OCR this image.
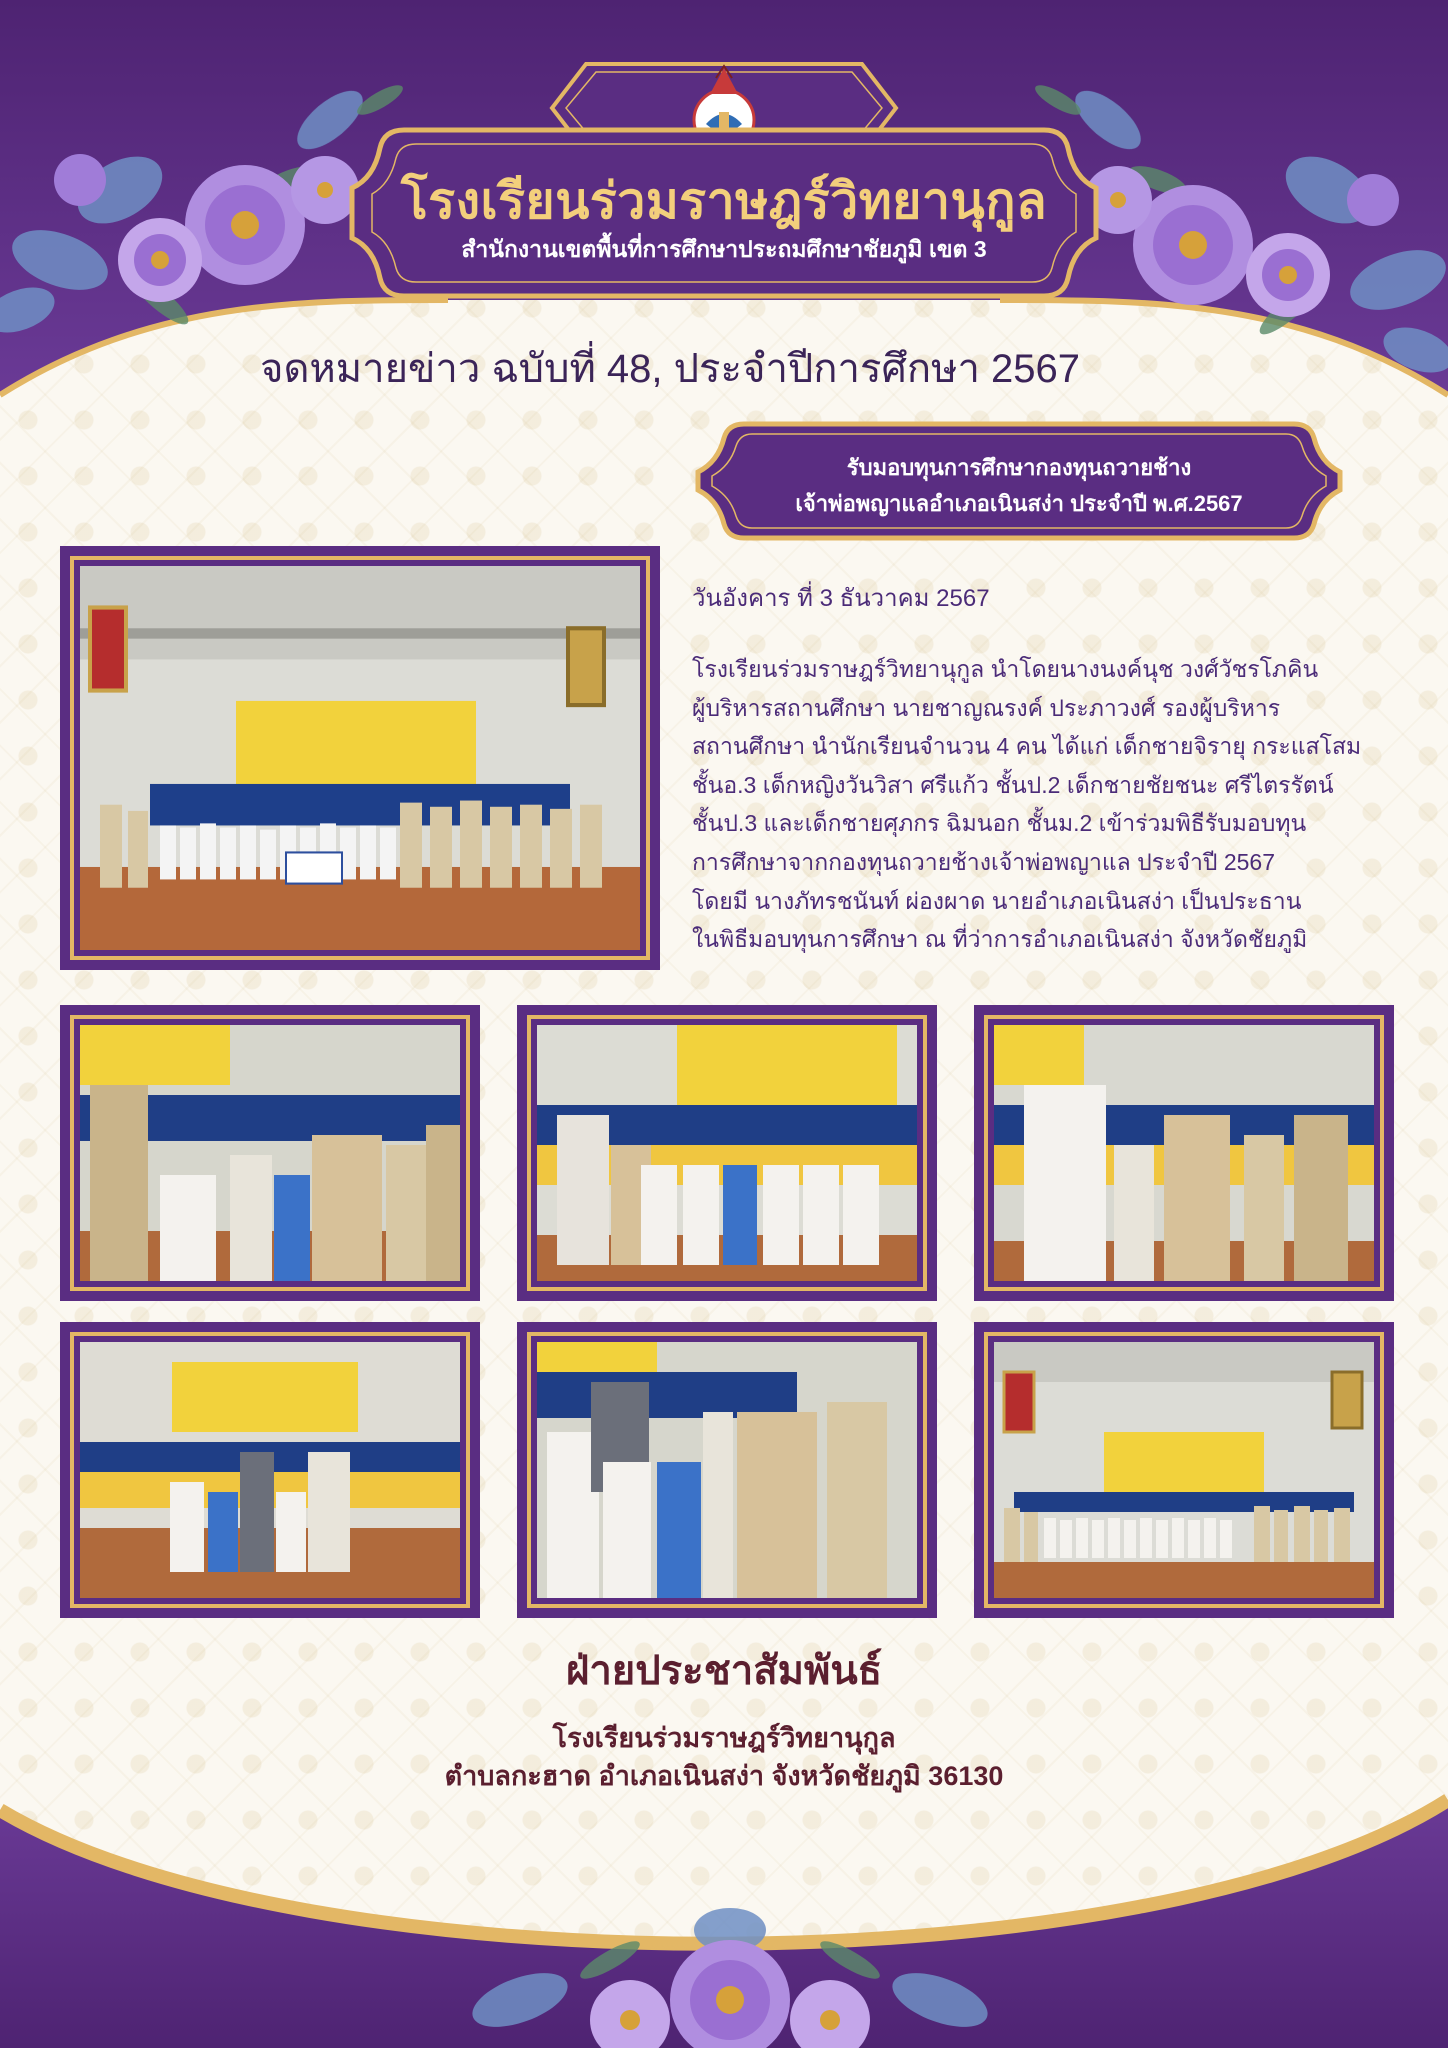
โรงเรียนร่วมราษฎร์วิทยานุกูล
สำนักงานเขตพื้นที่การศึกษาประถมศึกษาชัยภูมิ เขต 3
จดหมายข่าว ฉบับที่ 48, ประจำปีการศึกษา 2567
รับมอบทุนการศึกษากองทุนถวายช้าง
เจ้าพ่อพญาแลอำเภอเนินสง่า ประจำปี พ.ศ.2567
วันอังคาร ที่ 3 ธันวาคม 2567
โรงเรียนร่วมราษฎร์วิทยานุกูล นำโดยนางนงค์นุช วงศ์วัชรโภคิน
ผู้บริหารสถานศึกษา นายชาญณรงค์ ประภาวงศ์ รองผู้บริหาร
สถานศึกษา นำนักเรียนจำนวน 4 คน ได้แก่ เด็กชายจิรายุ กระแสโสม
ชั้นอ.3 เด็กหญิงวันวิสา ศรีแก้ว ชั้นป.2 เด็กชายชัยชนะ ศรีไตรรัตน์
ชั้นป.3 และเด็กชายศุภกร ฉิมนอก ชั้นม.2 เข้าร่วมพิธีรับมอบทุน
การศึกษาจากกองทุนถวายช้างเจ้าพ่อพญาแล ประจำปี 2567
โดยมี นางภัทรชนันท์ ผ่องผาด นายอำเภอเนินสง่า เป็นประธาน
ในพิธีมอบทุนการศึกษา ณ ที่ว่าการอำเภอเนินสง่า จังหวัดชัยภูมิ
ฝ่ายประชาสัมพันธ์
โรงเรียนร่วมราษฎร์วิทยานุกูล
ตำบลกะฮาด อำเภอเนินสง่า จังหวัดชัยภูมิ 36130
